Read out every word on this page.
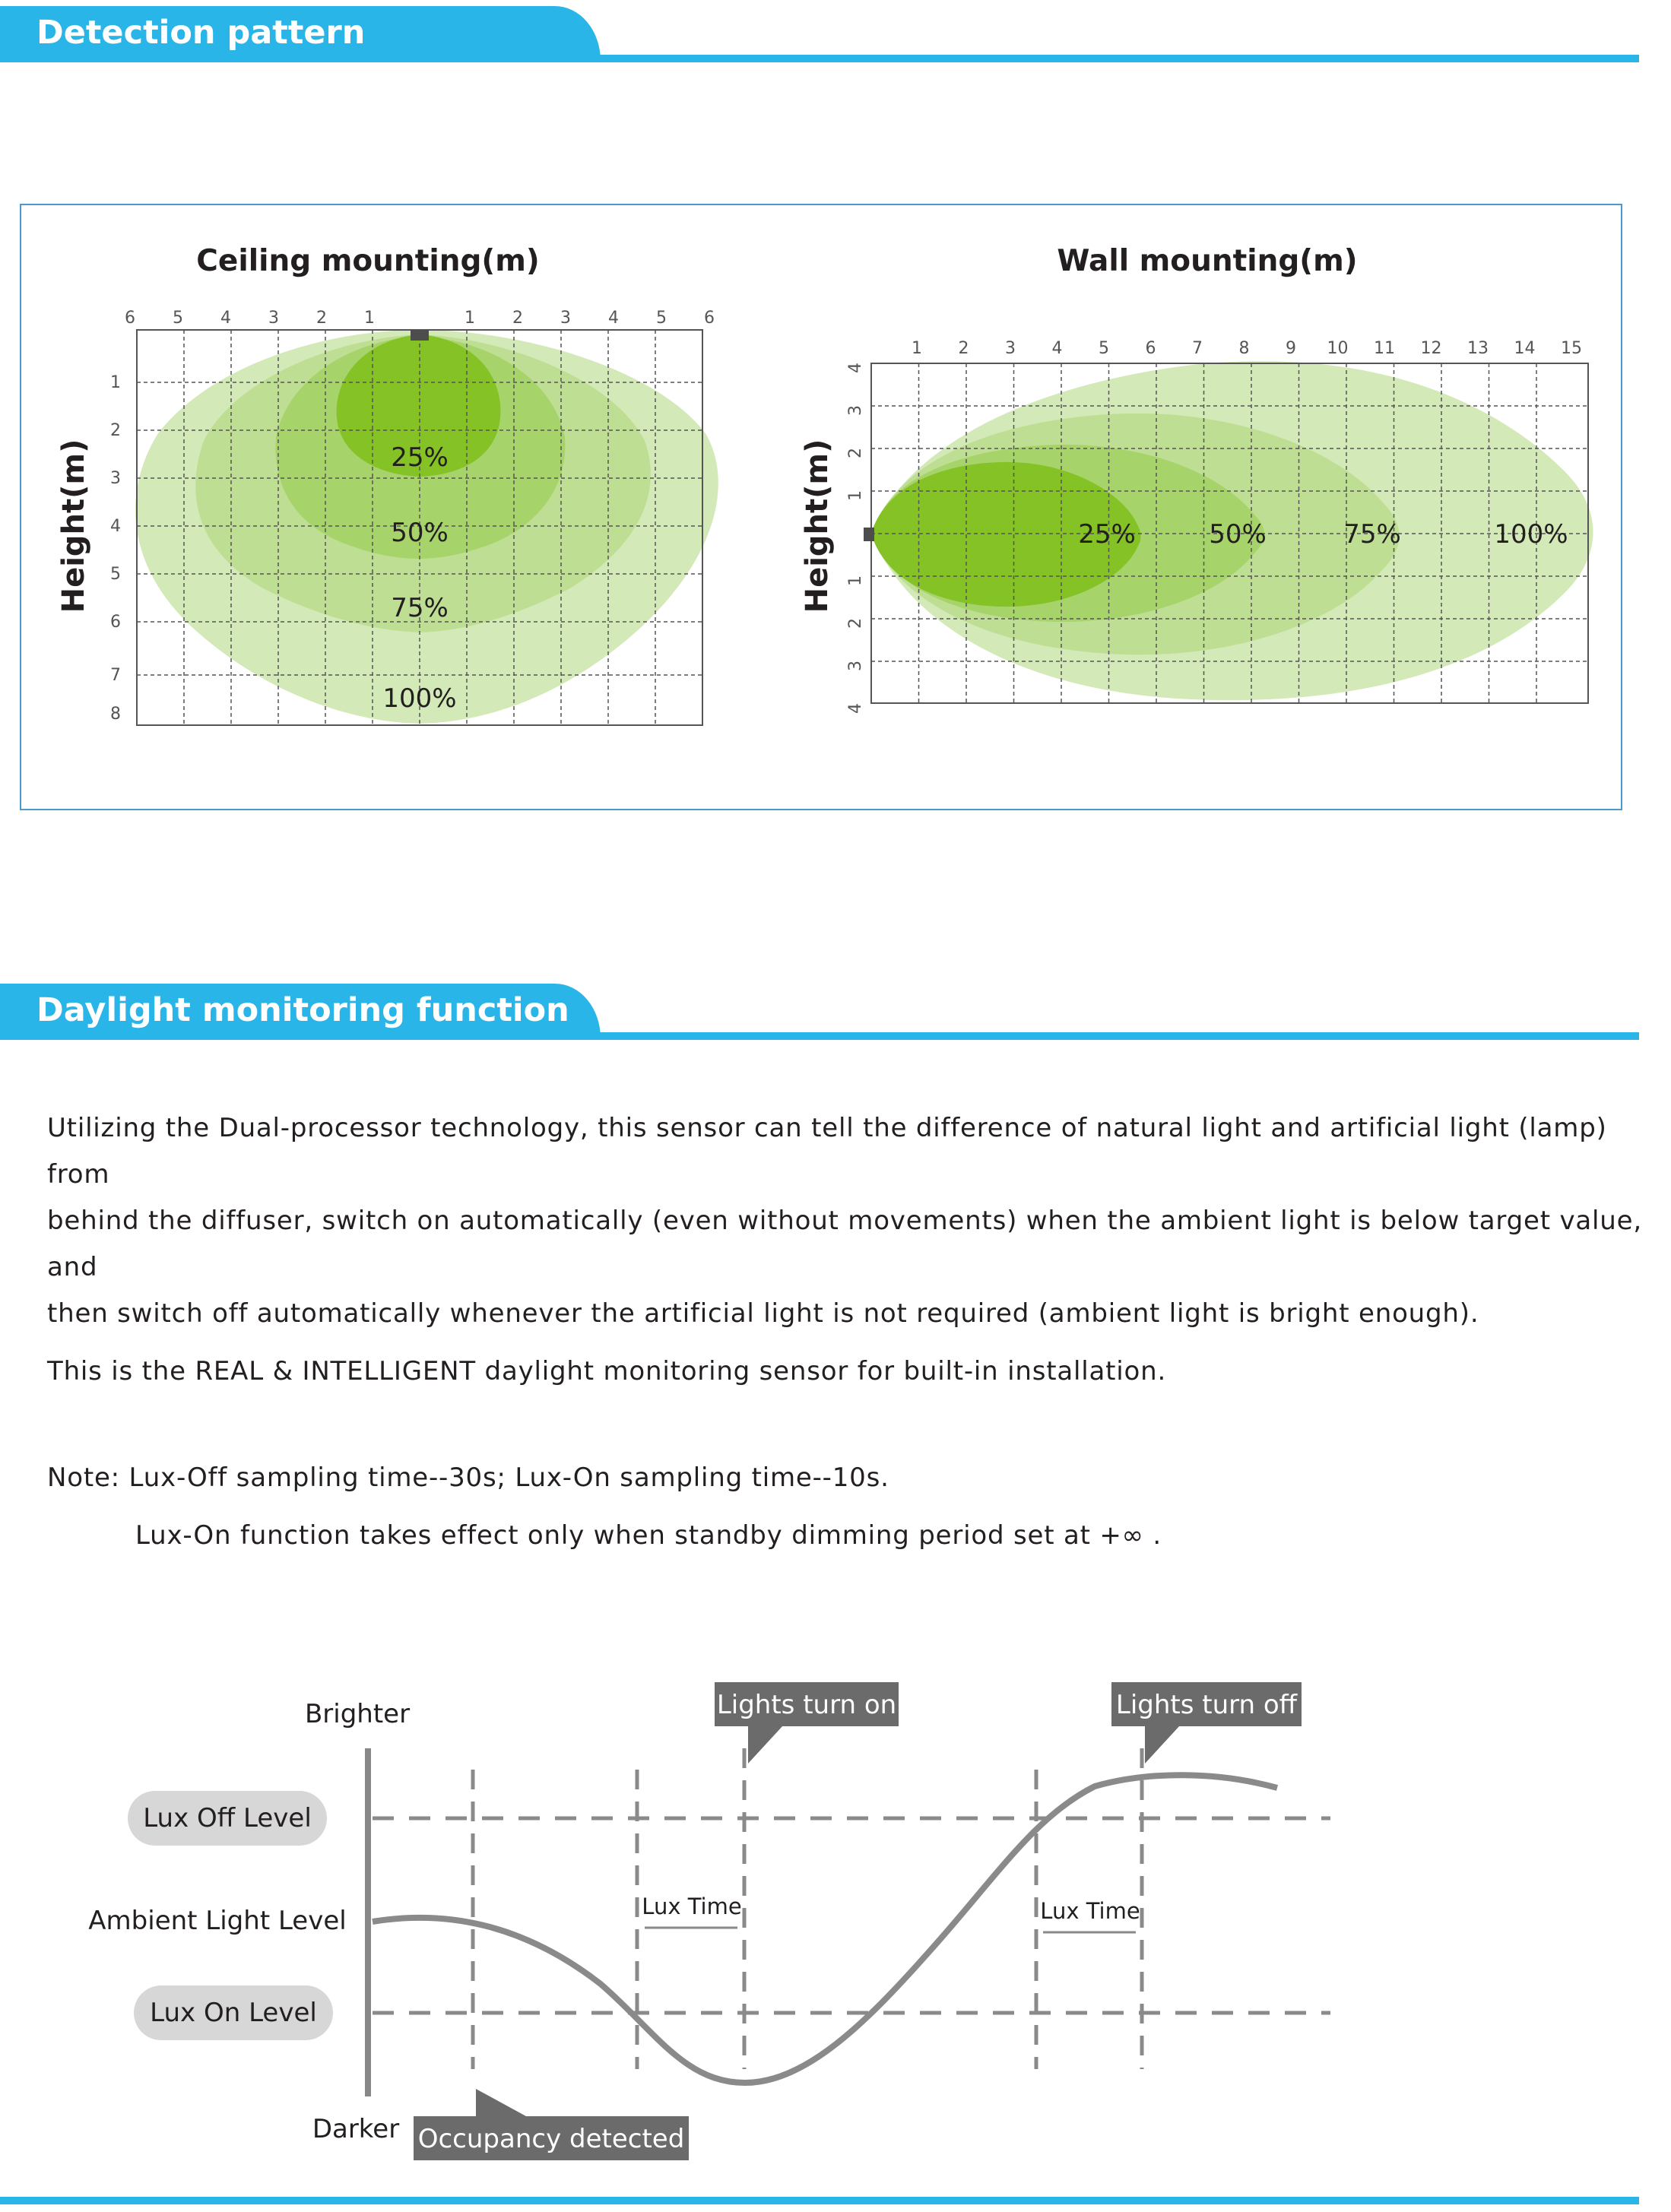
Detection pattern
Ceiling mounting(m)
6 5 4 3 2 1	1 2 3 4 5 6
1
2
3
4
5
6
7
8
Height(m)	25%
50%
75%
100%
Wall mounting(m)
1 2 3 4 5 6 7 8 9 10 11 12 13 14 15
4
3
2
1
1
2
3
4
Height(m)	25%	50%	75%	100%
Daylight monitoring function
Utilizing the Dual-processor technology, this sensor can tell the difference of natural light and artificial light (lamp) from
behind the diffuser, switch on automatically (even without movements) when the ambient light is below target value, and
then switch off automatically whenever the artificial light is not required (ambient light is bright enough).
This is the REAL & INTELLIGENT daylight monitoring sensor for built-in installation.
Note: Lux-Off sampling time--30s; Lux-On sampling time--10s.
Lux-On function takes effect only when standby dimming period set at +∞ .
Brighter
Darker
Lux Off Level
Ambient Light Level
Lux On Level
Lights turn on	Lights turn off
Occupancy detected
Lux Time	Lux Time
